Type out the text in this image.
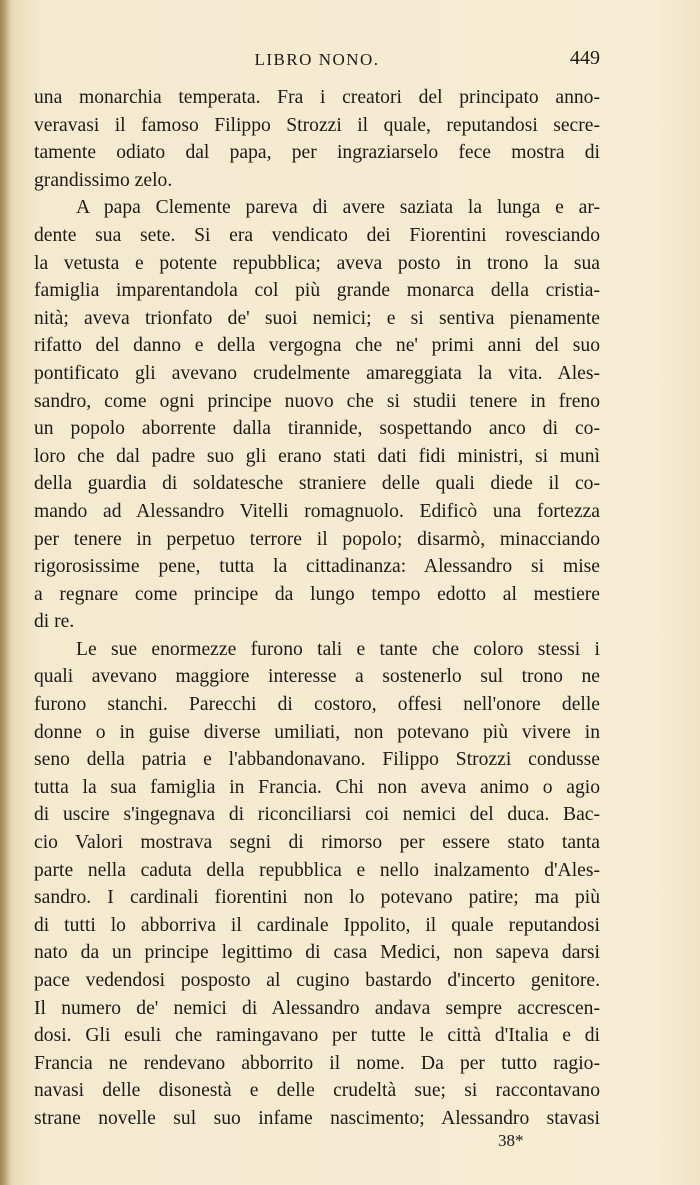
LIBRO NONO.	449
una monarchia temperata. Fra i creatori del principato anno-
veravasi il famoso Filippo Strozzi il quale, reputandosi secre-
tamente odiato dal papa, per ingraziarselo fece mostra di
grandissimo zelo.
A papa Clemente pareva di avere saziata la lunga e ar-
dente sua sete. Si era vendicato dei Fiorentini rovesciando
la vetusta e potente repubblica; aveva posto in trono la sua
famiglia imparentandola col più grande monarca della cristia-
nità; aveva trionfato de' suoi nemici; e si sentiva pienamente
rifatto del danno e della vergogna che ne' primi anni del suo
pontificato gli avevano crudelmente amareggiata la vita. Ales-
sandro, come ogni principe nuovo che si studii tenere in freno
un popolo aborrente dalla tirannide, sospettando anco di co-
loro che dal padre suo gli erano stati dati fidi ministri, si munì
della guardia di soldatesche straniere delle quali diede il co-
mando ad Alessandro Vitelli romagnuolo. Edificò una fortezza
per tenere in perpetuo terrore il popolo; disarmò, minacciando
rigorosissime pene, tutta la cittadinanza: Alessandro si mise
a regnare come principe da lungo tempo edotto al mestiere
di re.
Le sue enormezze furono tali e tante che coloro stessi i
quali avevano maggiore interesse a sostenerlo sul trono ne
furono stanchi. Parecchi di costoro, offesi nell'onore delle
donne o in guise diverse umiliati, non potevano più vivere in
seno della patria e l'abbandonavano. Filippo Strozzi condusse
tutta la sua famiglia in Francia. Chi non aveva animo o agio
di uscire s'ingegnava di riconciliarsi coi nemici del duca. Bac-
cio Valori mostrava segni di rimorso per essere stato tanta
parte nella caduta della repubblica e nello inalzamento d'Ales-
sandro. I cardinali fiorentini non lo potevano patire; ma più
di tutti lo abborriva il cardinale Ippolito, il quale reputandosi
nato da un principe legittimo di casa Medici, non sapeva darsi
pace vedendosi posposto al cugino bastardo d'incerto genitore.
Il numero de' nemici di Alessandro andava sempre accrescen-
dosi. Gli esuli che ramingavano per tutte le città d'Italia e di
Francia ne rendevano abborrito il nome. Da per tutto ragio-
navasi delle disonestà e delle crudeltà sue; si raccontavano
strane novelle sul suo infame nascimento; Alessandro stavasi
38*
